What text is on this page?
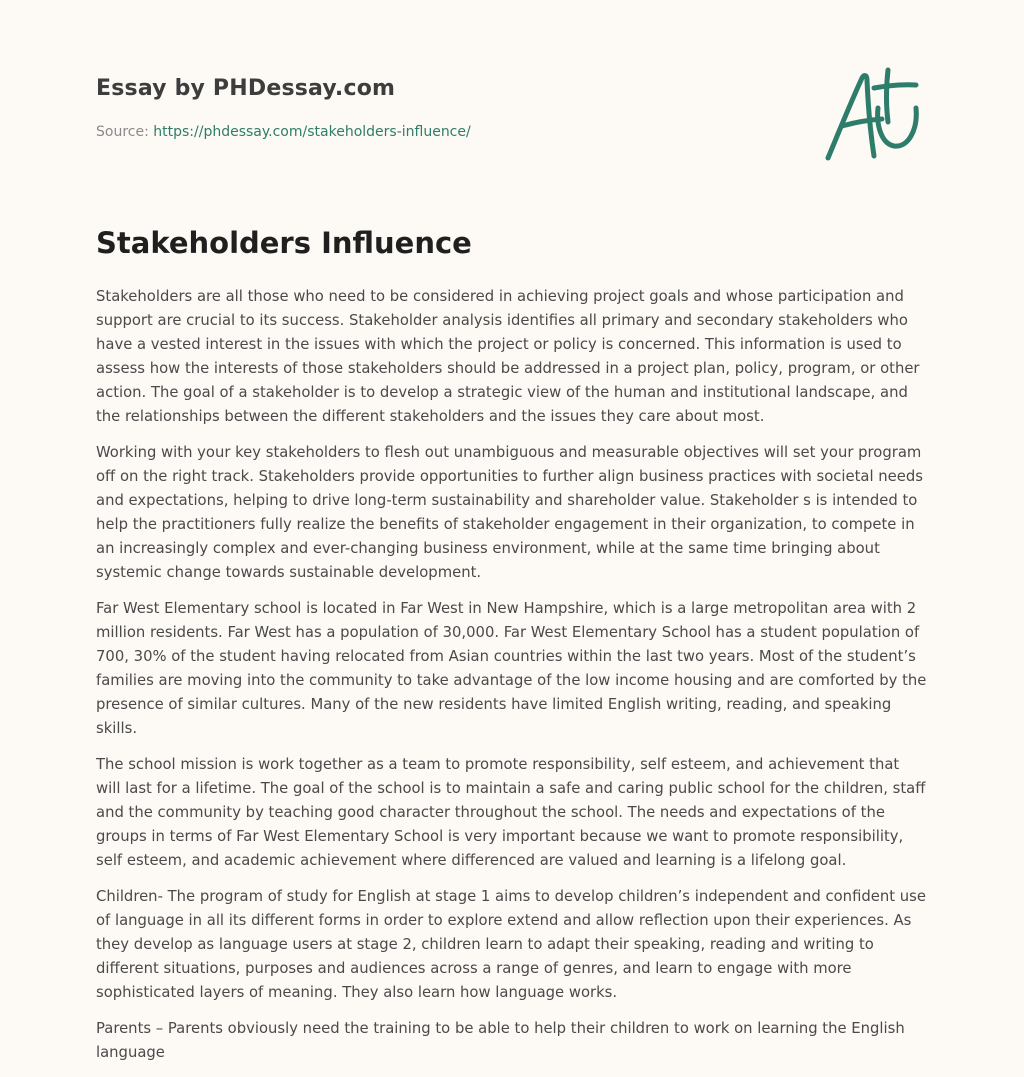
Essay by PHDessay.com
Source: https://phdessay.com/stakeholders-influence/
Stakeholders Influence

Stakeholders are all those who need to be considered in achieving project goals and whose participation and support are crucial to its success. Stakeholder analysis identifies all primary and secondary stakeholders who have a vested interest in the issues with which the project or policy is concerned. This information is used to assess how the interests of those stakeholders should be addressed in a project plan, policy, program, or other action. The goal of a stakeholder is to develop a strategic view of the human and institutional landscape, and the relationships between the different stakeholders and the issues they care about most.

Working with your key stakeholders to flesh out unambiguous and measurable objectives will set your program off on the right track. Stakeholders provide opportunities to further align business practices with societal needs and expectations, helping to drive long-term sustainability and shareholder value. Stakeholder s is intended to help the practitioners fully realize the benefits of stakeholder engagement in their organization, to compete in an increasingly complex and ever-changing business environment, while at the same time bringing about systemic change towards sustainable development.

Far West Elementary school is located in Far West in New Hampshire, which is a large metropolitan area with 2 million residents. Far West has a population of 30,000. Far West Elementary School has a student population of 700, 30% of the student having relocated from Asian countries within the last two years. Most of the student’s families are moving into the community to take advantage of the low income housing and are comforted by the presence of similar cultures. Many of the new residents have limited English writing, reading, and speaking skills.

The school mission is work together as a team to promote responsibility, self esteem, and achievement that will last for a lifetime. The goal of the school is to maintain a safe and caring public school for the children, staff and the community by teaching good character throughout the school. The needs and expectations of the groups in terms of Far West Elementary School is very important because we want to promote responsibility, self esteem, and academic achievement where differenced are valued and learning is a lifelong goal.

Children- The program of study for English at stage 1 aims to develop children’s independent and confident use of language in all its different forms in order to explore extend and allow reflection upon their experiences. As they develop as language users at stage 2, children learn to adapt their speaking, reading and writing to different situations, purposes and audiences across a range of genres, and learn to engage with more sophisticated layers of meaning. They also learn how language works.

Parents – Parents obviously need the training to be able to help their children to work on learning the English language
